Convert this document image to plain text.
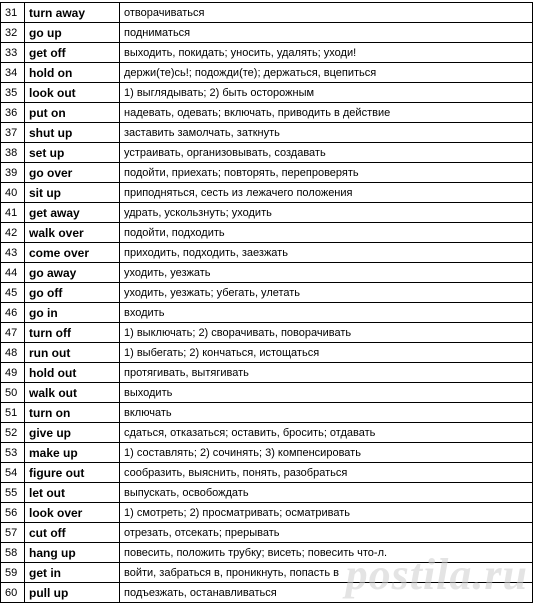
31	turn away	отворачиваться
32	go up	подниматься
33	get off	выходить, покидать; уносить, удалять; уходи!
34	hold on	держи(те)сь!; подожди(те); держаться, вцепиться
35	look out	1) выглядывать; 2) быть осторожным
36	put on	надевать, одевать; включать, приводить в действие
37	shut up	заставить замолчать, заткнуть
38	set up	устраивать, организовывать, создавать
39	go over	подойти, приехать; повторять, перепроверять
40	sit up	приподняться, сесть из лежачего положения
41	get away	удрать, ускользнуть; уходить
42	walk over	подойти, подходить
43	come over	приходить, подходить, заезжать
44	go away	уходить, уезжать
45	go off	уходить, уезжать; убегать, улетать
46	go in	входить
47	turn off	1) выключать; 2) сворачивать, поворачивать
48	run out	1) выбегать; 2) кончаться, истощаться
49	hold out	протягивать, вытягивать
50	walk out	выходить
51	turn on	включать
52	give up	сдаться, отказаться; оставить, бросить; отдавать
53	make up	1) составлять; 2) сочинять; 3) компенсировать
54	figure out	сообразить, выяснить, понять, разобраться
55	let out	выпускать, освобождать
56	look over	1) смотреть; 2) просматривать; осматривать
57	cut off	отрезать, отсекать; прерывать
58	hang up	повесить, положить трубку; висеть; повесить что-л.
59	get in	войти, забраться в, проникнуть, попасть в
60	pull up	подъезжать, останавливаться postila.ru
